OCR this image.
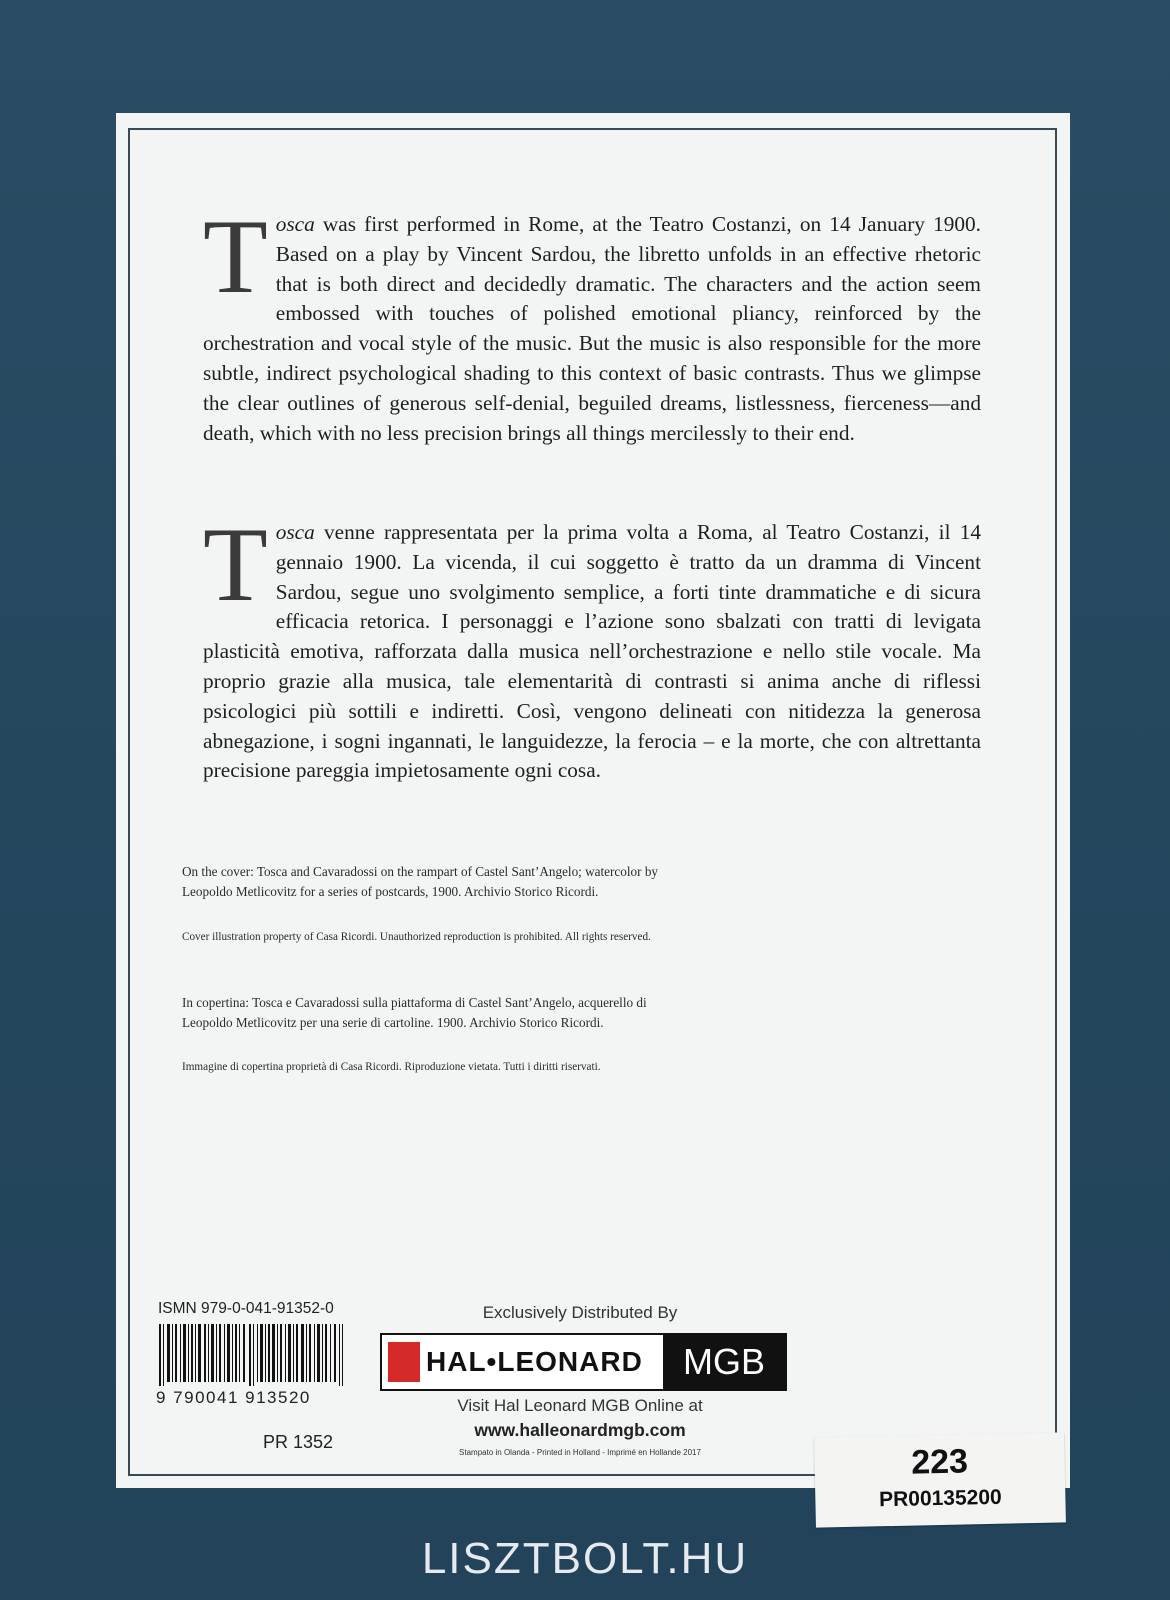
Tosca was first performed in Rome, at the Teatro Costanzi, on 14 January 1900. Based on a play by Vincent Sardou, the libretto unfolds in an effective rhetoric that is both direct and decidedly dramatic. The characters and the action seem embossed with touches of polished emotional pliancy, reinforced by the orchestration and vocal style of the music. But the music is also responsible for the more subtle, indirect psychological shading to this context of basic contrasts. Thus we glimpse the clear outlines of generous self-denial, beguiled dreams, listlessness, fierceness—and death, which with no less precision brings all things mercilessly to their end.

Tosca venne rappresentata per la prima volta a Roma, al Teatro Costanzi, il 14 gennaio 1900. La vicenda, il cui soggetto è tratto da un dramma di Vincent Sardou, segue uno svolgimento semplice, a forti tinte drammatiche e di sicura efficacia retorica. I personaggi e l’azione sono sbalzati con tratti di levigata plasticità emotiva, rafforzata dalla musica nell’orchestrazione e nello stile vocale. Ma proprio grazie alla musica, tale elementarità di contrasti si anima anche di riflessi psicologici più sottili e indiretti. Così, vengono delineati con nitidezza la generosa abnegazione, i sogni ingannati, le languidezze, la ferocia – e la morte, che con altrettanta precisione pareggia impietosamente ogni cosa.

On the cover: Tosca and Cavaradossi on the rampart of Castel Sant’Angelo; watercolor by Leopoldo Metlicovitz for a series of postcards, 1900. Archivio Storico Ricordi.

Cover illustration property of Casa Ricordi. Unauthorized reproduction is prohibited. All rights reserved.

In copertina: Tosca e Cavaradossi sulla piattaforma di Castel Sant’Angelo, acquerello di Leopoldo Metlicovitz per una serie di cartoline. 1900. Archivio Storico Ricordi.

Immagine di copertina proprietà di Casa Ricordi. Riproduzione vietata. Tutti i diritti riservati.

ISMN 979-0-041-91352-0
9 790041 913520
PR 1352
Exclusively Distributed By
HAL•LEONARD	MGB
Visit Hal Leonard MGB Online at
www.halleonardmgb.com
Stampato in Olanda - Printed in Holland - Imprimé en Hollande 2017	223
PR00135200
LISZTBOLT.HU
